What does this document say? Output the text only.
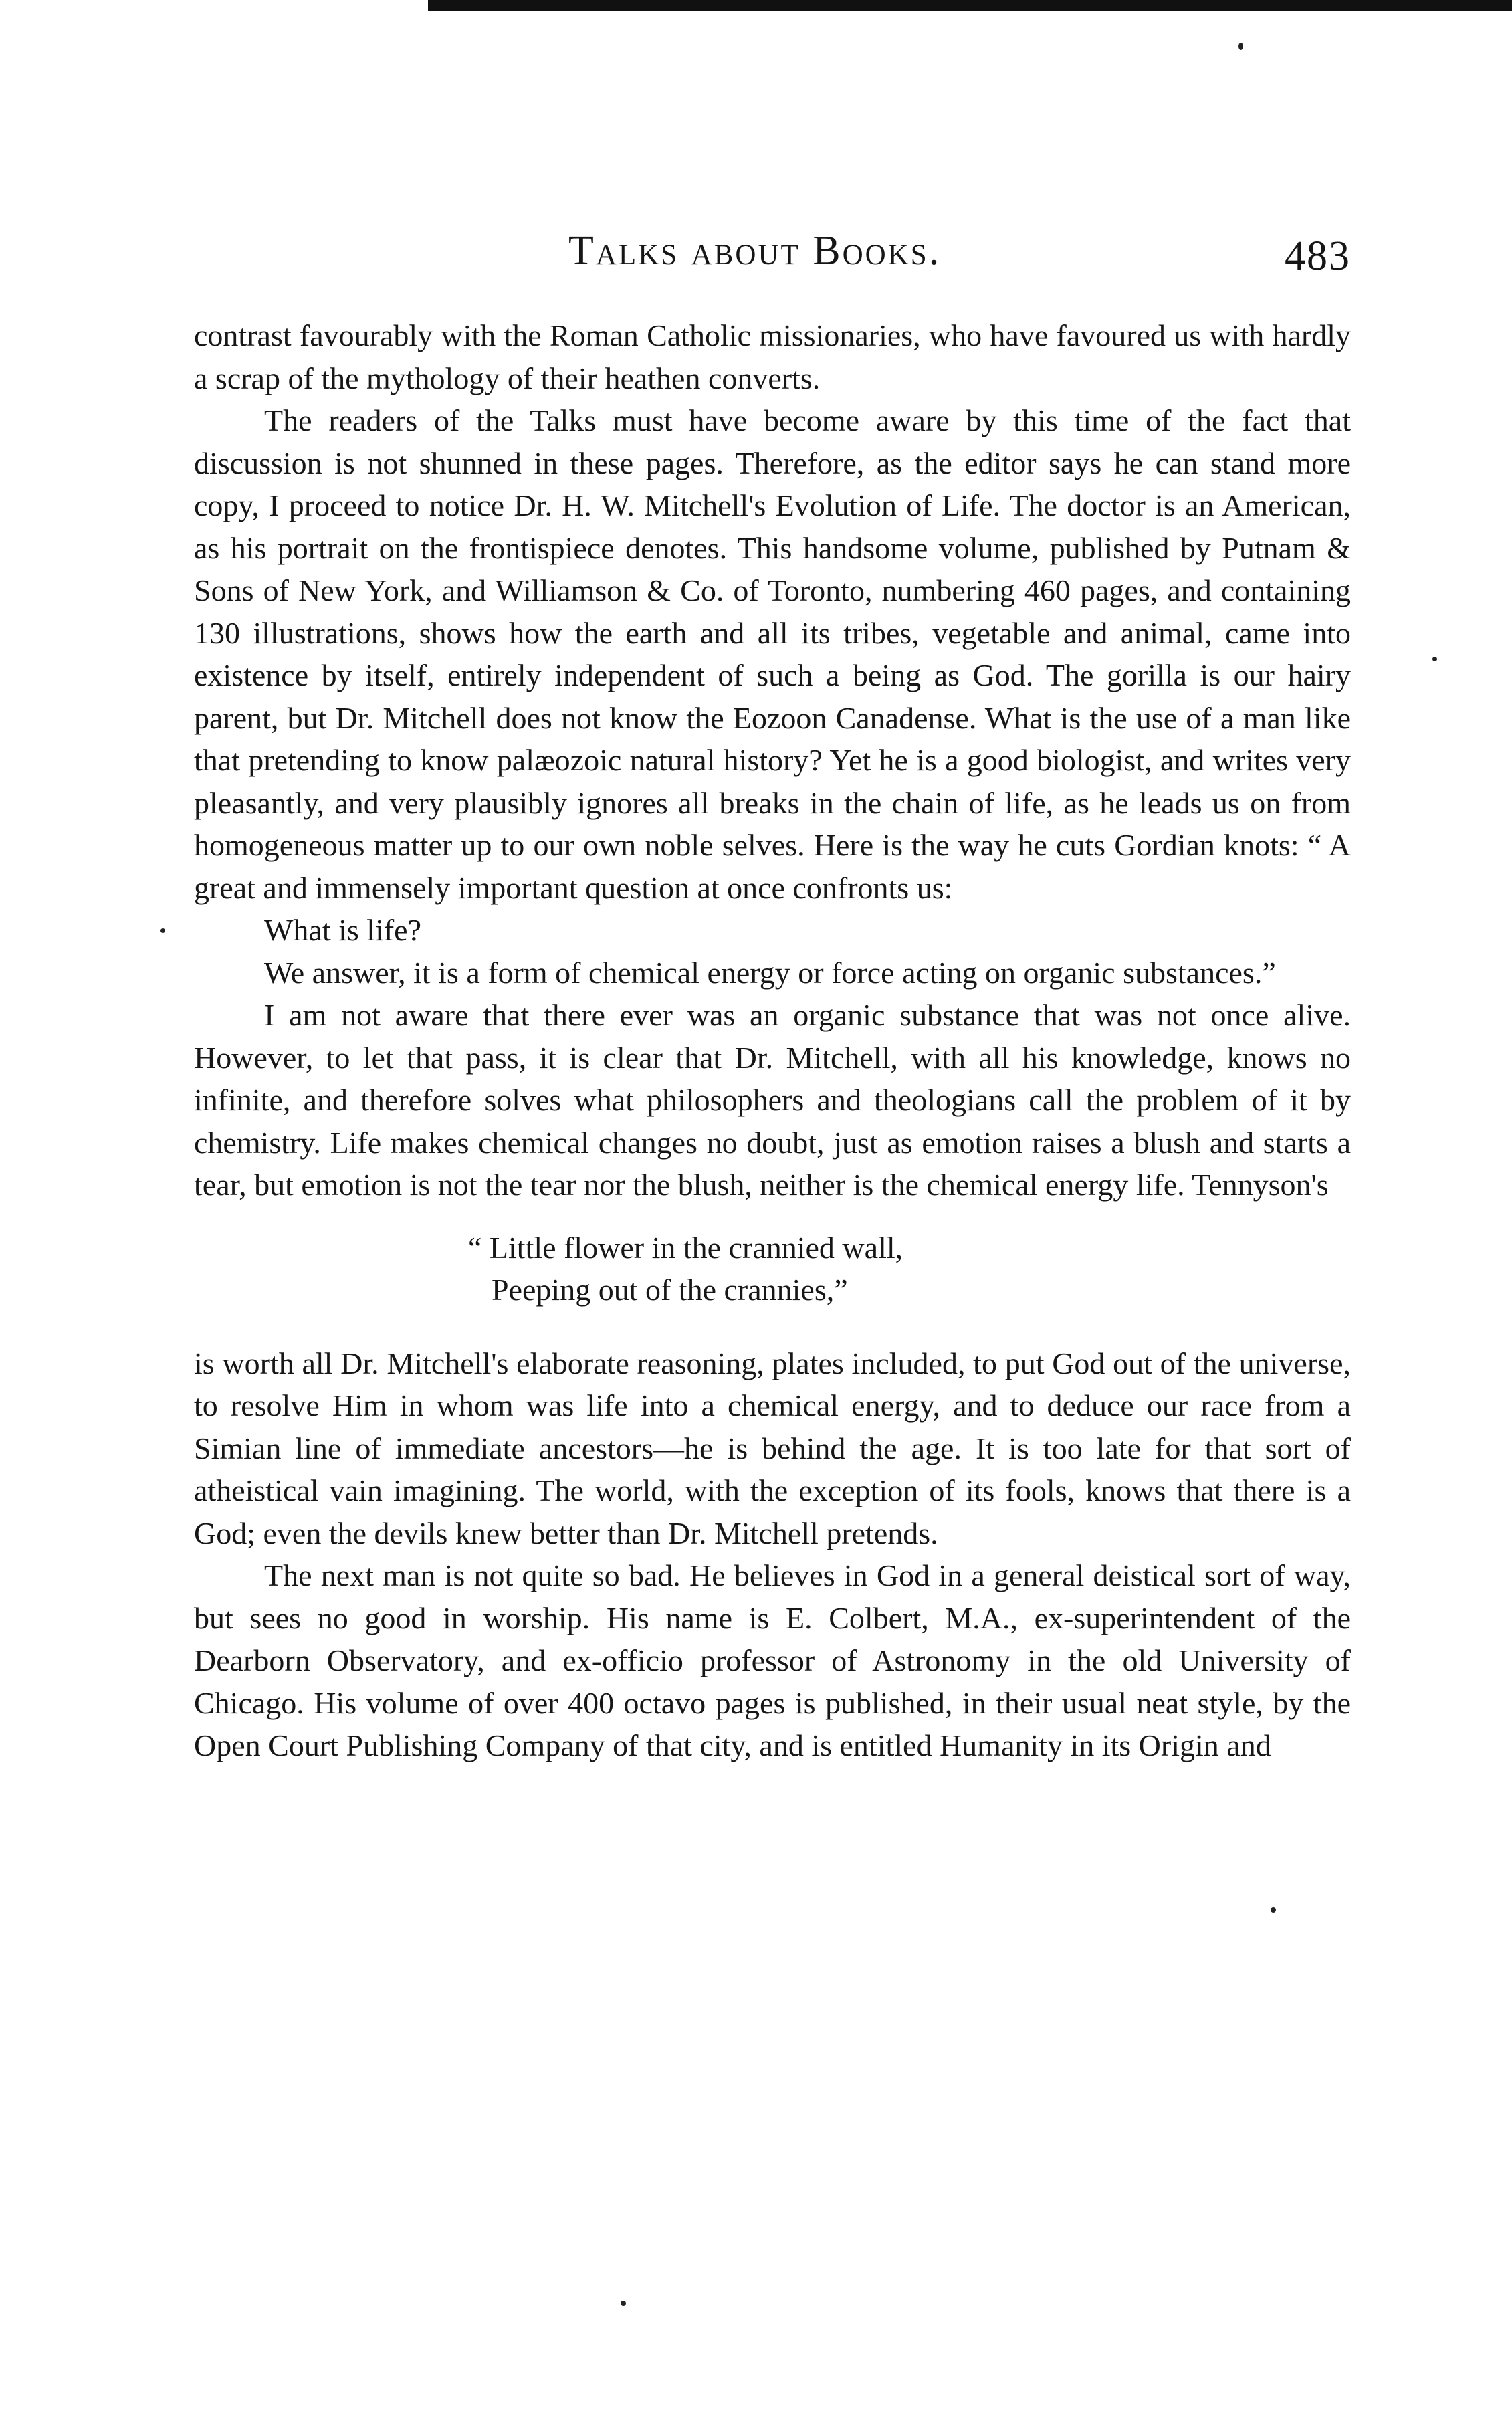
Talks about Books.	483

contrast favourably with the Roman Catholic missionaries, who have favoured us with hardly a scrap of the mythology of their heathen converts.

The readers of the Talks must have become aware by this time of the fact that discussion is not shunned in these pages. Therefore, as the editor says he can stand more copy, I proceed to notice Dr. H. W. Mitchell's Evolution of Life. The doctor is an American, as his portrait on the frontispiece denotes. This handsome volume, published by Putnam & Sons of New York, and Williamson & Co. of Toronto, numbering 460 pages, and containing 130 illustrations, shows how the earth and all its tribes, vegetable and animal, came into existence by itself, entirely independent of such a being as God. The gorilla is our hairy parent, but Dr. Mitchell does not know the Eozoon Canadense. What is the use of a man like that pretending to know palæozoic natural history? Yet he is a good biologist, and writes very pleasantly, and very plausibly ignores all breaks in the chain of life, as he leads us on from homogeneous matter up to our own noble selves. Here is the way he cuts Gordian knots: “ A great and immensely important question at once confronts us:

What is life?

We answer, it is a form of chemical energy or force acting on organic substances.”

I am not aware that there ever was an organic substance that was not once alive. However, to let that pass, it is clear that Dr. Mitchell, with all his knowledge, knows no infinite, and therefore solves what philosophers and theologians call the problem of it by chemistry. Life makes chemical changes no doubt, just as emotion raises a blush and starts a tear, but emotion is not the tear nor the blush, neither is the chemical energy life. Tennyson's

“ Little flower in the crannied wall,
Peeping out of the crannies,”

is worth all Dr. Mitchell's elaborate reasoning, plates included, to put God out of the universe, to resolve Him in whom was life into a chemical energy, and to deduce our race from a Simian line of immediate ancestors—he is behind the age. It is too late for that sort of atheistical vain imagining. The world, with the exception of its fools, knows that there is a God; even the devils knew better than Dr. Mitchell pretends.

The next man is not quite so bad. He believes in God in a general deistical sort of way, but sees no good in worship. His name is E. Colbert, M.A., ex-superintendent of the Dearborn Observatory, and ex-officio professor of Astronomy in the old University of Chicago. His volume of over 400 octavo pages is published, in their usual neat style, by the Open Court Publishing Company of that city, and is entitled Humanity in its Origin and
